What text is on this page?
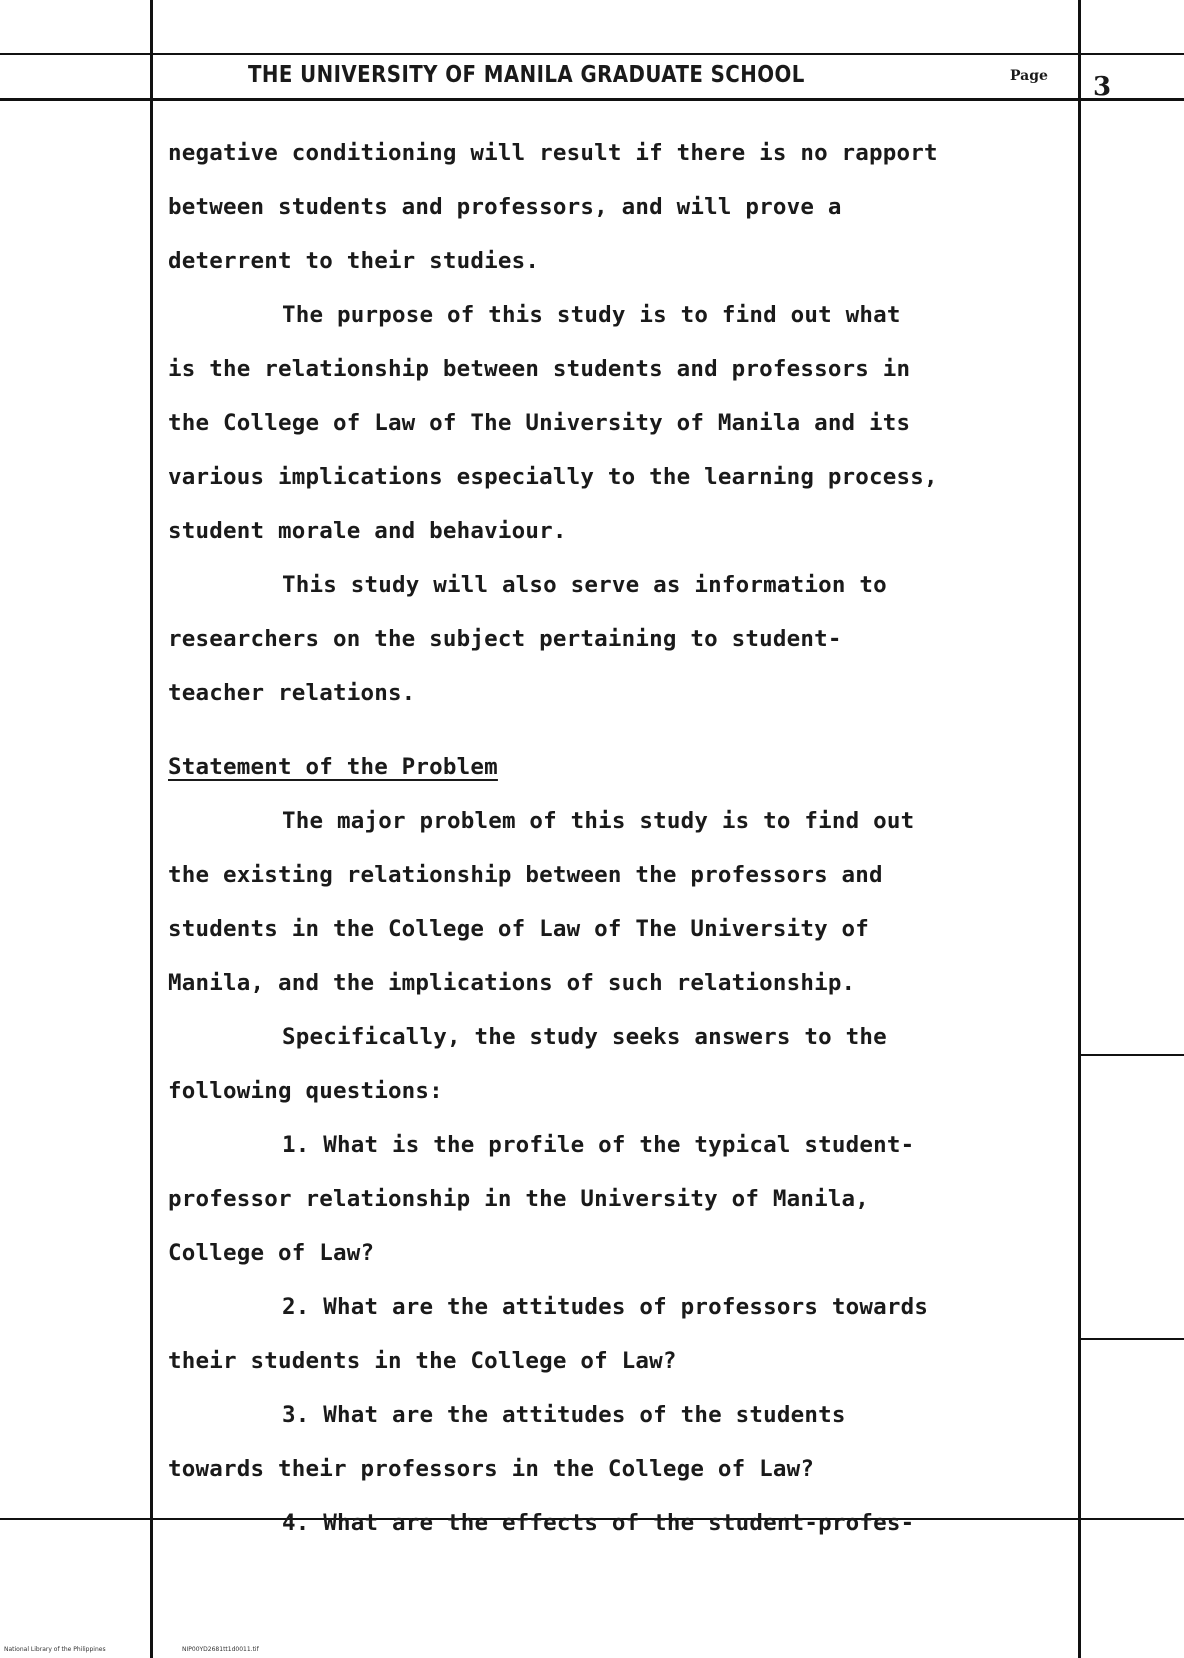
THE UNIVERSITY OF MANILA GRADUATE SCHOOL	Page 3
negative conditioning will result if there is no rapport
between students and professors, and will prove a
deterrent to their studies.
The purpose of this study is to find out what
is the relationship between students and professors in
the College of Law of The University of Manila and its
various implications especially to the learning process,
student morale and behaviour.
This study will also serve as information to
researchers on the subject pertaining to student-
teacher relations.
Statement of the Problem
The major problem of this study is to find out
the existing relationship between the professors and
students in the College of Law of The University of
Manila, and the implications of such relationship.
Specifically, the study seeks answers to the
following questions:
1. What is the profile of the typical student-
professor relationship in the University of Manila,
College of Law?
2. What are the attitudes of professors towards
their students in the College of Law?
3. What are the attitudes of the students
towards their professors in the College of Law?
4. What are the effects of the student-profes-
National Library of the Philippines	NIP00YD2681tt1d0011.tif
